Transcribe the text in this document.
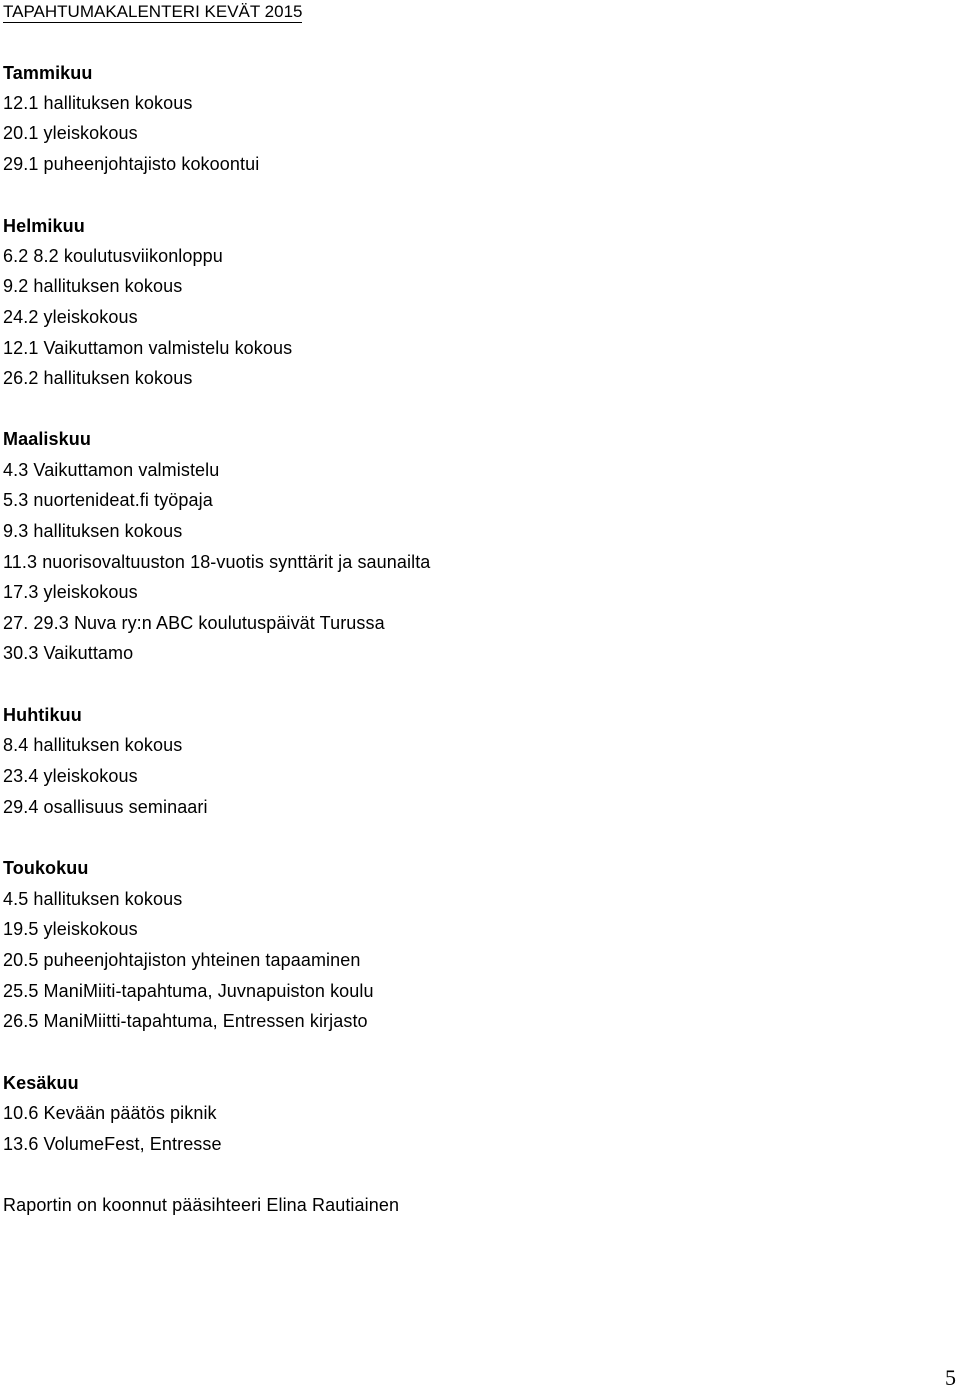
TAPAHTUMAKALENTERI KEVÄT 2015
Tammikuu
12.1 hallituksen kokous
20.1 yleiskokous
29.1 puheenjohtajisto kokoontui
Helmikuu
6.2 8.2 koulutusviikonloppu
9.2 hallituksen kokous
24.2 yleiskokous
12.1 Vaikuttamon valmistelu kokous
26.2 hallituksen kokous
Maaliskuu
4.3 Vaikuttamon valmistelu
5.3 nuortenideat.fi työpaja
9.3 hallituksen kokous
11.3 nuorisovaltuuston 18-vuotis synttärit ja saunailta
17.3 yleiskokous
27. 29.3 Nuva ry:n ABC koulutuspäivät Turussa
30.3 Vaikuttamo
Huhtikuu
8.4 hallituksen kokous
23.4 yleiskokous
29.4 osallisuus seminaari
Toukokuu
4.5 hallituksen kokous
19.5 yleiskokous
20.5 puheenjohtajiston yhteinen tapaaminen
25.5 ManiMiiti-tapahtuma, Juvnapuiston koulu
26.5 ManiMiitti-tapahtuma, Entressen kirjasto
Kesäkuu
10.6 Kevään päätös piknik
13.6 VolumeFest, Entresse
Raportin on koonnut pääsihteeri Elina Rautiainen
5
